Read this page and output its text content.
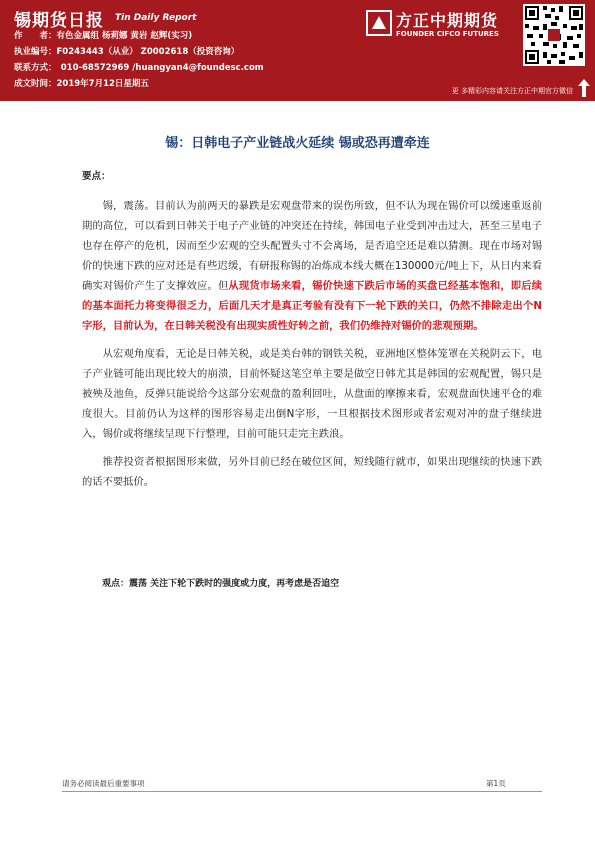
锡期货日报 Tin Daily Report
作　　者：有色金属组 杨莉娜 黄岩 赵辉(实习)
执业编号：F0243443（从业） Z0002618（投资咨询）
联系方式：　010-68572969 /huangyan4@foundesc.com
成文时间：2019年7月12日星期五
方正中期期货
FOUNDER CIFCO FUTURES
更 多精彩内容请关注方正中期官方微信
锡：日韩电子产业链战火延续 锡或恐再遭牵连
要点：

锡，震荡。目前认为前两天的暴跌是宏观盘带来的误伤所致，但不认为现在锡价可以缓速重返前期的高位，可以看到日韩关于电子产业链的冲突还在持续，韩国电子业受到冲击过大，甚至三星电子也存在停产的危机，因而至少宏观的空头配置头寸不会离场，是否追空还是难以猜测。现在市场对锡价的快速下跌的应对还是有些迟缓，有研报称锡的冶炼成本线大概在130000元/吨上下，从日内来看确实对锡价产生了支撑效应。但从现货市场来看，锡价快速下跌后市场的买盘已经基本饱和，即后续的基本面托力将变得很乏力，后面几天才是真正考验有没有下一轮下跌的关口，仍然不排除走出个N字形，目前认为，在日韩关税没有出现实质性好转之前，我们仍维持对锡价的悲观预期。

从宏观角度看，无论是日韩关税，或是美台韩的钢铁关税，亚洲地区整体笼罩在关税阴云下，电子产业链可能出现比较大的崩溃，目前怀疑这笔空单主要是做空日韩尤其是韩国的宏观配置，锡只是被殃及池鱼，反弹只能说给今这部分宏观盘的盈利回吐，从盘面的摩擦来看，宏观盘面快速平仓的难度很大。目前仍认为这样的图形容易走出倒N字形，一旦根据技术图形或者宏观对冲的盘子继续进入，锡价或将继续呈现下行整理，目前可能只走完主跌浪。

推荐投资者根据图形来做，另外目前已经在破位区间，短线随行就市，如果出现继续的快速下跌的话不要抵价。

观点：震荡 关注下轮下跌时的强度或力度，再考虑是否追空
请务必阅读最后重要事项	第1页
